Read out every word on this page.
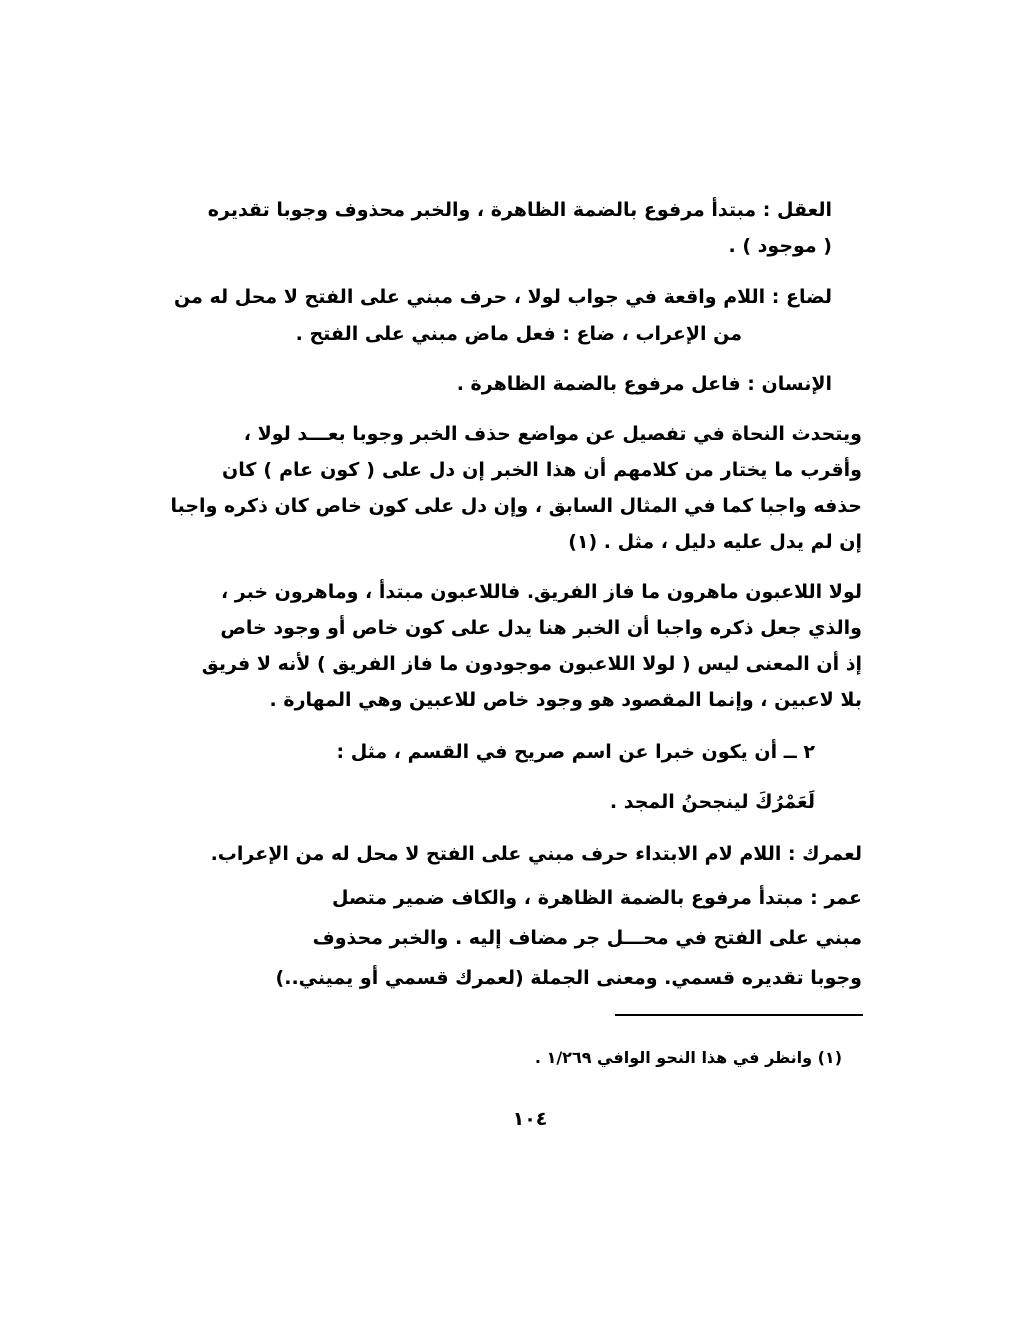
العقل : مبتدأ مرفوع بالضمة الظاهرة ، والخبر محذوف وجوبا تقديره
( موجود ) .
لضاع : اللام واقعة في جواب لولا ، حرف مبني على الفتح لا محل له من
من الإعراب ، ضاع : فعل ماض مبني على الفتح .
الإنسان : فاعل مرفوع بالضمة الظاهرة .
ويتحدث النحاة في تفصيل عن مواضع حذف الخبر وجوبا بعـــد لولا ،
وأقرب ما يختار من كلامهم أن هذا الخبر إن دل على ( كون عام ) كان
حذفه واجبا كما في المثال السابق ، وإن دل على كون خاص كان ذكره واجبا
إن لم يدل عليه دليل ، مثل . (١)
لولا اللاعبون ماهرون ما فاز الفريق. فاللاعبون مبتدأ ، وماهرون خبر ،
والذي جعل ذكره واجبا أن الخبر هنا يدل على كون خاص أو وجود خاص
إذ أن المعنى ليس ( لولا اللاعبون موجودون ما فاز الفريق ) لأنه لا فريق
بلا لاعبين ، وإنما المقصود هو وجود خاص للاعبين وهي المهارة .
٢ ــ أن يكون خبرا عن اسم صريح في القسم ، مثل :
لَعَمْرُكَ لينجحنُ المجد .
لعمرك : اللام لام الابتداء حرف مبني على الفتح لا محل له من الإعراب.
عمر : مبتدأ مرفوع بالضمة الظاهرة ، والكاف ضمير متصل
مبني على الفتح في محـــل جر مضاف إليه . والخبر محذوف
وجوبا تقديره قسمي. ومعنى الجملة (لعمرك قسمي أو يميني..)
(١) وانظر في هذا النحو الوافي ١/٢٦٩ .
١٠٤
